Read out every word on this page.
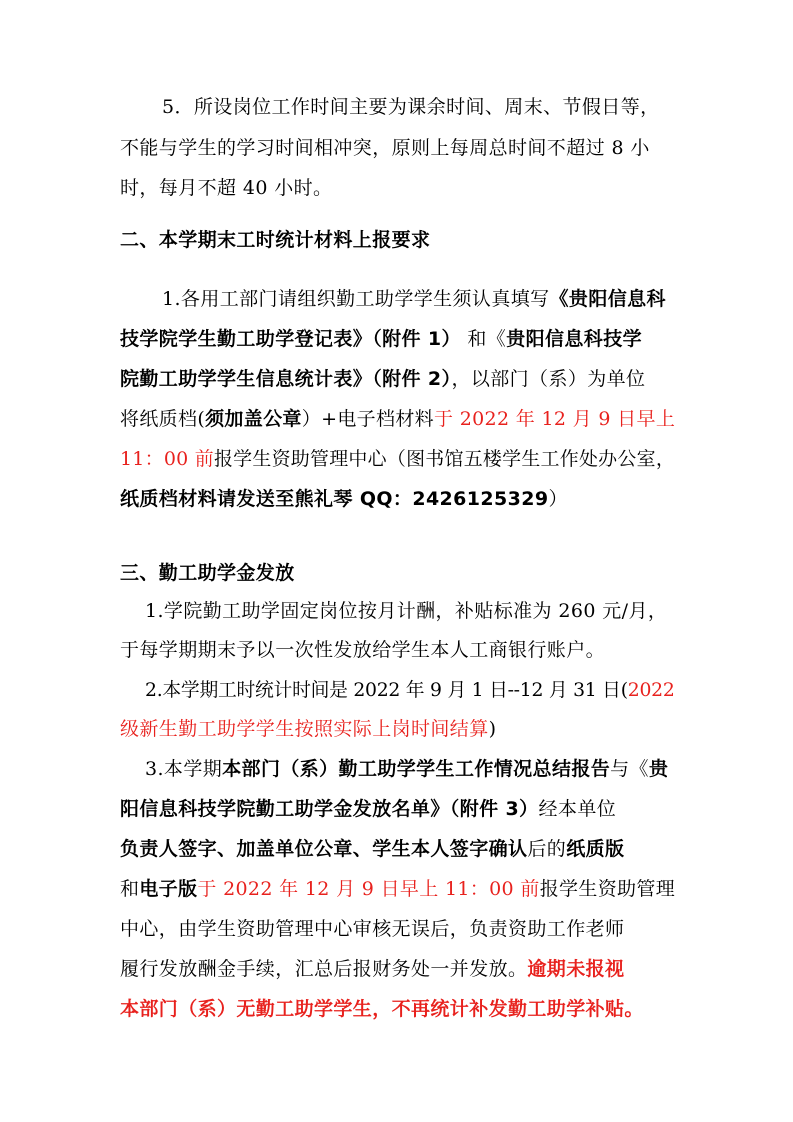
5．所设岗位工作时间主要为课余时间、周末、节假日等，
不能与学生的学习时间相冲突，原则上每周总时间不超过 8 小
时，每月不超 40 小时。
二、本学期末工时统计材料上报要求
1.各用工部门请组织勤工助学学生须认真填写《贵阳信息科
技学院学生勤工助学登记表》（附件 1） 和《贵阳信息科技学
院勤工助学学生信息统计表》（附件 2），以部门（系）为单位
将纸质档(须加盖公章）+电子档材料于 2022 年 12 月 9 日早上
11：00 前报学生资助管理中心（图书馆五楼学生工作处办公室，
纸质档材料请发送至熊礼琴 QQ：2426125329）
三、勤工助学金发放
1.学院勤工助学固定岗位按月计酬，补贴标准为 260 元/月，
于每学期期末予以一次性发放给学生本人工商银行账户。
2.本学期工时统计时间是 2022 年 9 月 1 日--12 月 31 日(2022
级新生勤工助学学生按照实际上岗时间结算)
3.本学期本部门（系）勤工助学学生工作情况总结报告与《贵
阳信息科技学院勤工助学金发放名单》（附件 3）经本单位
负责人签字、加盖单位公章、学生本人签字确认后的纸质版
和电子版于 2022 年 12 月 9 日早上 11：00 前报学生资助管理
中心，由学生资助管理中心审核无误后，负责资助工作老师
履行发放酬金手续，汇总后报财务处一并发放。逾期未报视
本部门（系）无勤工助学学生，不再统计补发勤工助学补贴。
